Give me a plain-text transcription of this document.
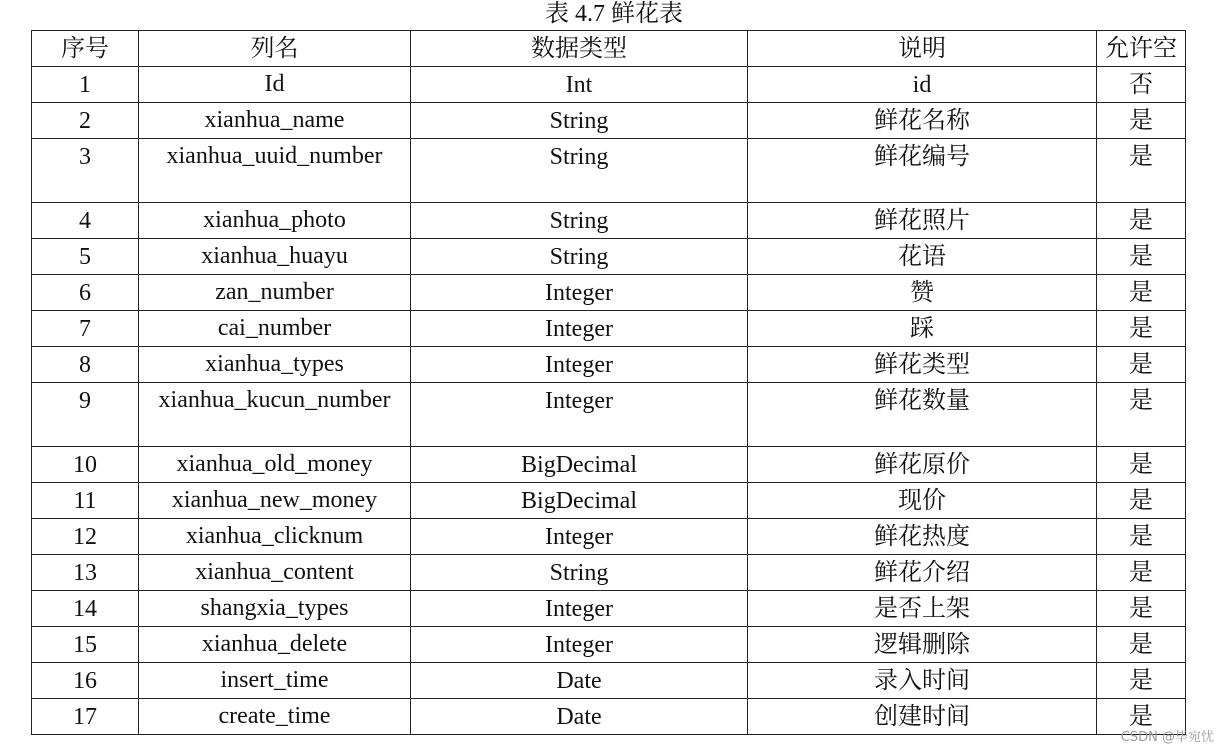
表 4.7 鲜花表
序号	列名	数据类型	说明	允许空
1	Id	Int	id	否
2	xianhua_name	String	鲜花名称	是
3	xianhua_uuid_number	String	鲜花编号	是
4	xianhua_photo	String	鲜花照片	是
5	xianhua_huayu	String	花语	是
6	zan_number	Integer	赞	是
7	cai_number	Integer	踩	是
8	xianhua_types	Integer	鲜花类型	是
9	xianhua_kucun_number	Integer	鲜花数量	是
10	xianhua_old_money	BigDecimal	鲜花原价	是
11	xianhua_new_money	BigDecimal	现价	是
12	xianhua_clicknum	Integer	鲜花热度	是
13	xianhua_content	String	鲜花介绍	是
14	shangxia_types	Integer	是否上架	是
15	xianhua_delete	Integer	逻辑删除	是
16	insert_time	Date	录入时间	是
17	create_time	Date	创建时间	是
CSDN @毕宛忧
